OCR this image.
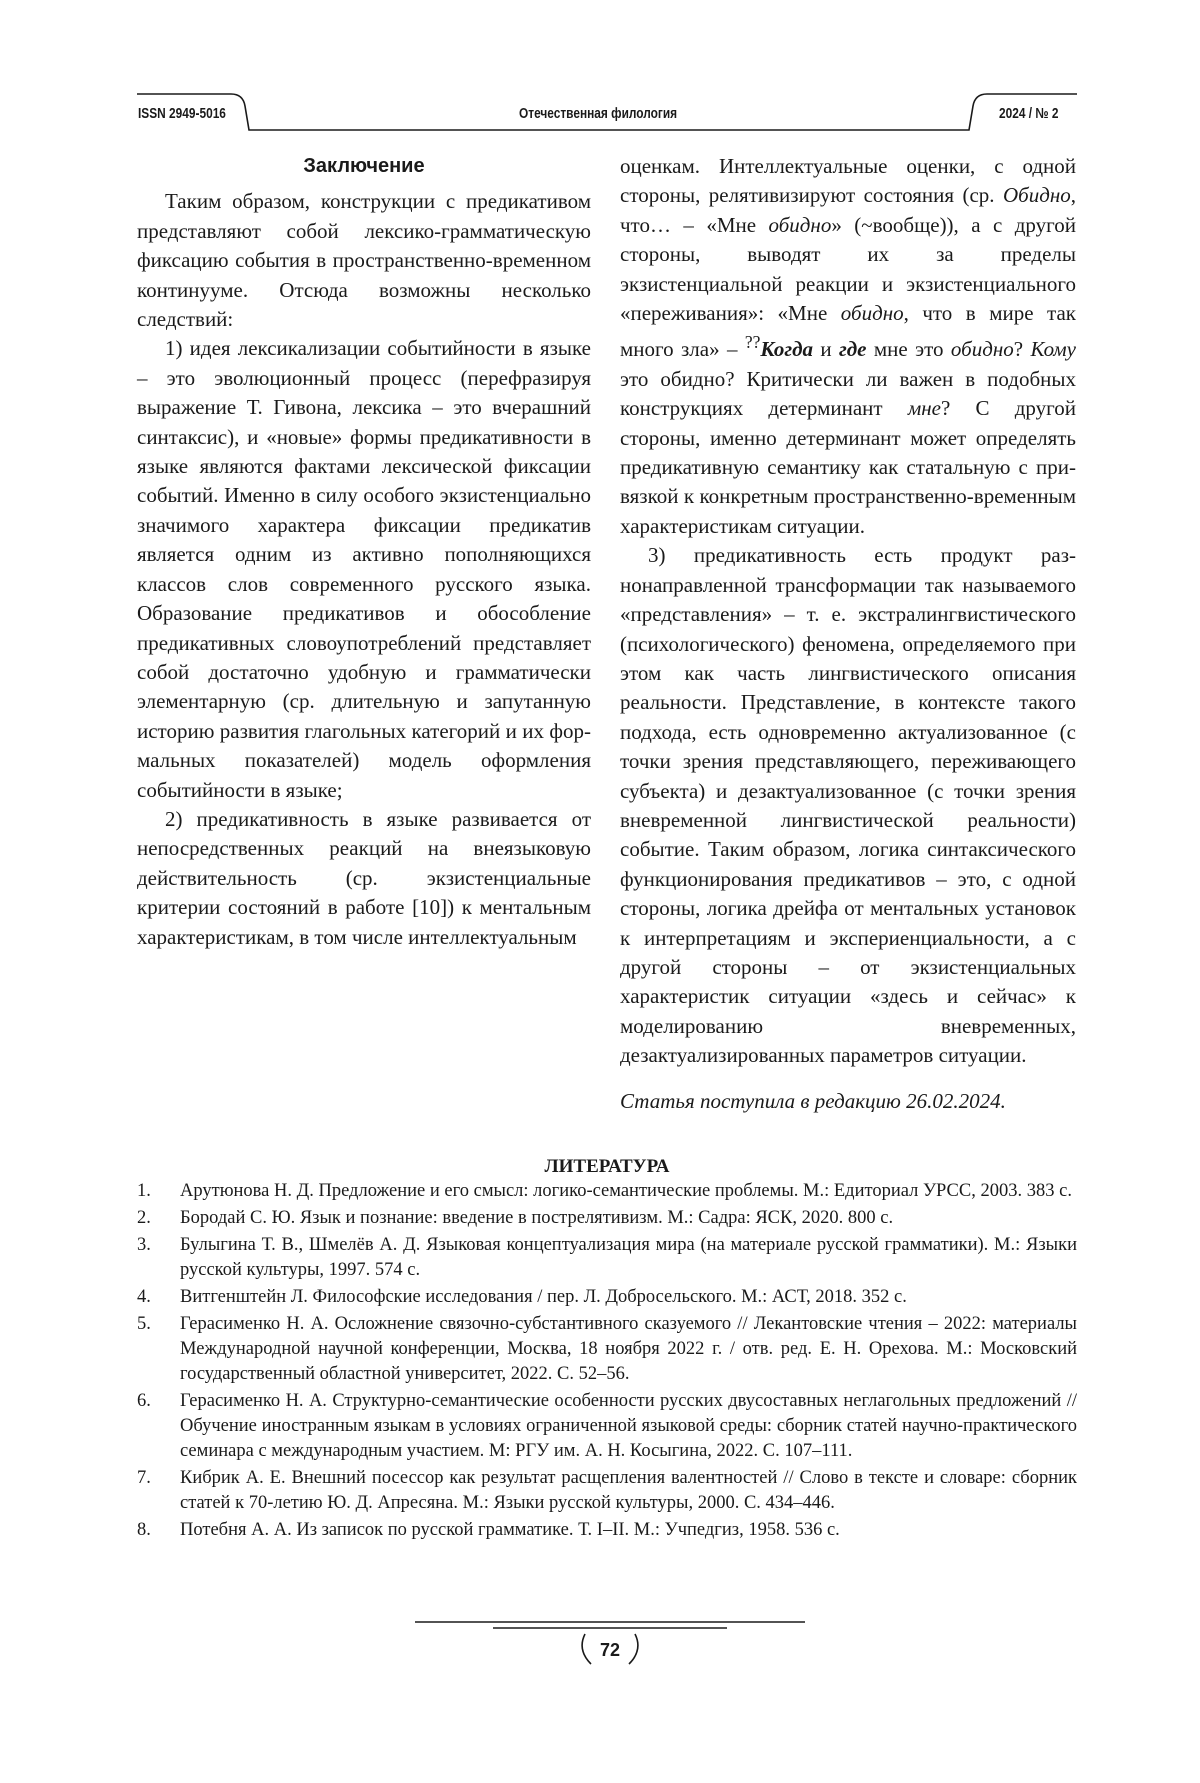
ISSN 2949-5016	Отечественная филология	2024 / № 2
Заключение

Таким образом, конструкции с предикативом представляют собой лексико-грамматическую фиксацию события в пространственно-временном континууме. Отсюда возможны несколько следствий:

1) идея лексикализации событийности в языке – это эволюционный процесс (перефразируя выражение Т. Гивона, лексика – это вчерашний синтаксис), и «новые» формы предикативности в языке являются фактами лексической фиксации событий. Именно в силу особого экзистенциально значимого характера фиксации предикатив является одним из активно пополняющихся классов слов современного русского языка. Образование предикативов и обособление предикативных словоупотреблений представляет собой достаточно удобную и грамматически элементарную (ср. длительную и запутанную историю развития глагольных категорий и их формальных показателей) модель оформления событийности в языке;

2) предикативность в языке развивается от непосредственных реакций на внеязыковую действительность (ср. экзистенциальные критерии состояний в работе [10]) к ментальным характеристикам, в том числе интеллектуальным

оценкам. Интеллектуальные оценки, с одной стороны, релятивизируют состояния (ср. Обидно, что… – «Мне обидно» (~вообще)), а с другой стороны, выводят их за пределы экзистенциальной реакции и экзистенциального «переживания»: «Мне обидно, что в мире так много зла» – ??Когда и где мне это обидно? Кому это обидно? Критически ли важен в подобных конструкциях детерминант мне? С другой стороны, именно детерминант может определять предикативную семантику как статальную с привязкой к конкретным пространственно-временным характеристикам ситуации.

3) предикативность есть продукт разнонаправленной трансформации так называемого «представления» – т. е. экстралингвистического (психологического) феномена, определяемого при этом как часть лингвистического описания реальности. Представление, в контексте такого подхода, есть одновременно актуализованное (с точки зрения представляющего, переживающего субъекта) и дезактуализованное (с точки зрения вневременной лингвистической реальности) событие. Таким образом, логика синтаксического функционирования предикативов – это, с одной стороны, логика дрейфа от ментальных установок к интерпретациям и экспериенциальности, а с другой стороны – от экзистенциальных характеристик ситуации «здесь и сейчас» к моделированию вневременных, дезактуализированных параметров ситуации.

Статья поступила в редакцию 26.02.2024.

ЛИТЕРАТУРА
1.	Арутюнова Н. Д. Предложение и его смысл: логико-семантические проблемы. М.: Едиториал УРСС, 2003. 383 с.
2.	Бородай С. Ю. Язык и познание: введение в пострелятивизм. М.: Садра: ЯСК, 2020. 800 с.
3.	Булыгина Т. В., Шмелёв А. Д. Языковая концептуализация мира (на материале русской грамматики). М.: Языки русской культуры, 1997. 574 с.
4.	Витгенштейн Л. Философские исследования / пер. Л. Добросельского. М.: АСТ, 2018. 352 с.
5.	Герасименко Н. А. Осложнение связочно-субстантивного сказуемого // Лекантовские чтения – 2022: материалы Международной научной конференции, Москва, 18 ноября 2022 г. / отв. ред. Е. Н. Орехова. М.: Московский государственный областной университет, 2022. С. 52–56.
6.	Герасименко Н. А. Структурно-семантические особенности русских двусоставных неглагольных предложений // Обучение иностранным языкам в условиях ограниченной языковой среды: сборник статей научно-практического семинара с международным участием. М: РГУ им. А. Н. Косыгина, 2022. С. 107–111.
7.	Кибрик А. Е. Внешний посессор как результат расщепления валентностей // Слово в тексте и словаре: сборник статей к 70-летию Ю. Д. Апресяна. М.: Языки русской культуры, 2000. С. 434–446.
8.	Потебня А. А. Из записок по русской грамматике. Т. I–II. М.: Учпедгиз, 1958. 536 с.
72
